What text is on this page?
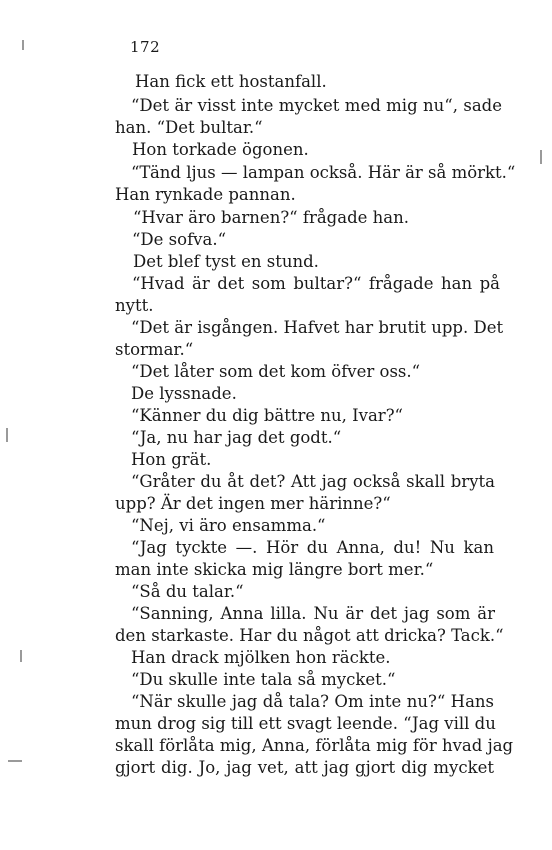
172
Han fick ett hostanfall.
“Det är visst inte mycket med mig nu“, sade
han. “Det bultar.“
Hon torkade ögonen.
“Tänd ljus — lampan också. Här är så mörkt.“
Han rynkade pannan.
“Hvar äro barnen?“ frågade han.
“De sofva.“
Det blef tyst en stund.
“Hvad är det som bultar?“ frågade han på
nytt.
“Det är isgången. Hafvet har brutit upp. Det
stormar.“
“Det låter som det kom öfver oss.“
De lyssnade.
“Känner du dig bättre nu, Ivar?“
“Ja, nu har jag det godt.“
Hon grät.
“Gråter du åt det? Att jag också skall bryta
upp? Är det ingen mer härinne?“
“Nej, vi äro ensamma.“
“Jag tyckte —. Hör du Anna, du! Nu kan
man inte skicka mig längre bort mer.“
“Så du talar.“
“Sanning, Anna lilla. Nu är det jag som är
den starkaste. Har du något att dricka? Tack.“
Han drack mjölken hon räckte.
“Du skulle inte tala så mycket.“
“När skulle jag då tala? Om inte nu?“ Hans
mun drog sig till ett svagt leende. “Jag vill du
skall förlåta mig, Anna, förlåta mig för hvad jag
gjort dig. Jo, jag vet, att jag gjort dig mycket
